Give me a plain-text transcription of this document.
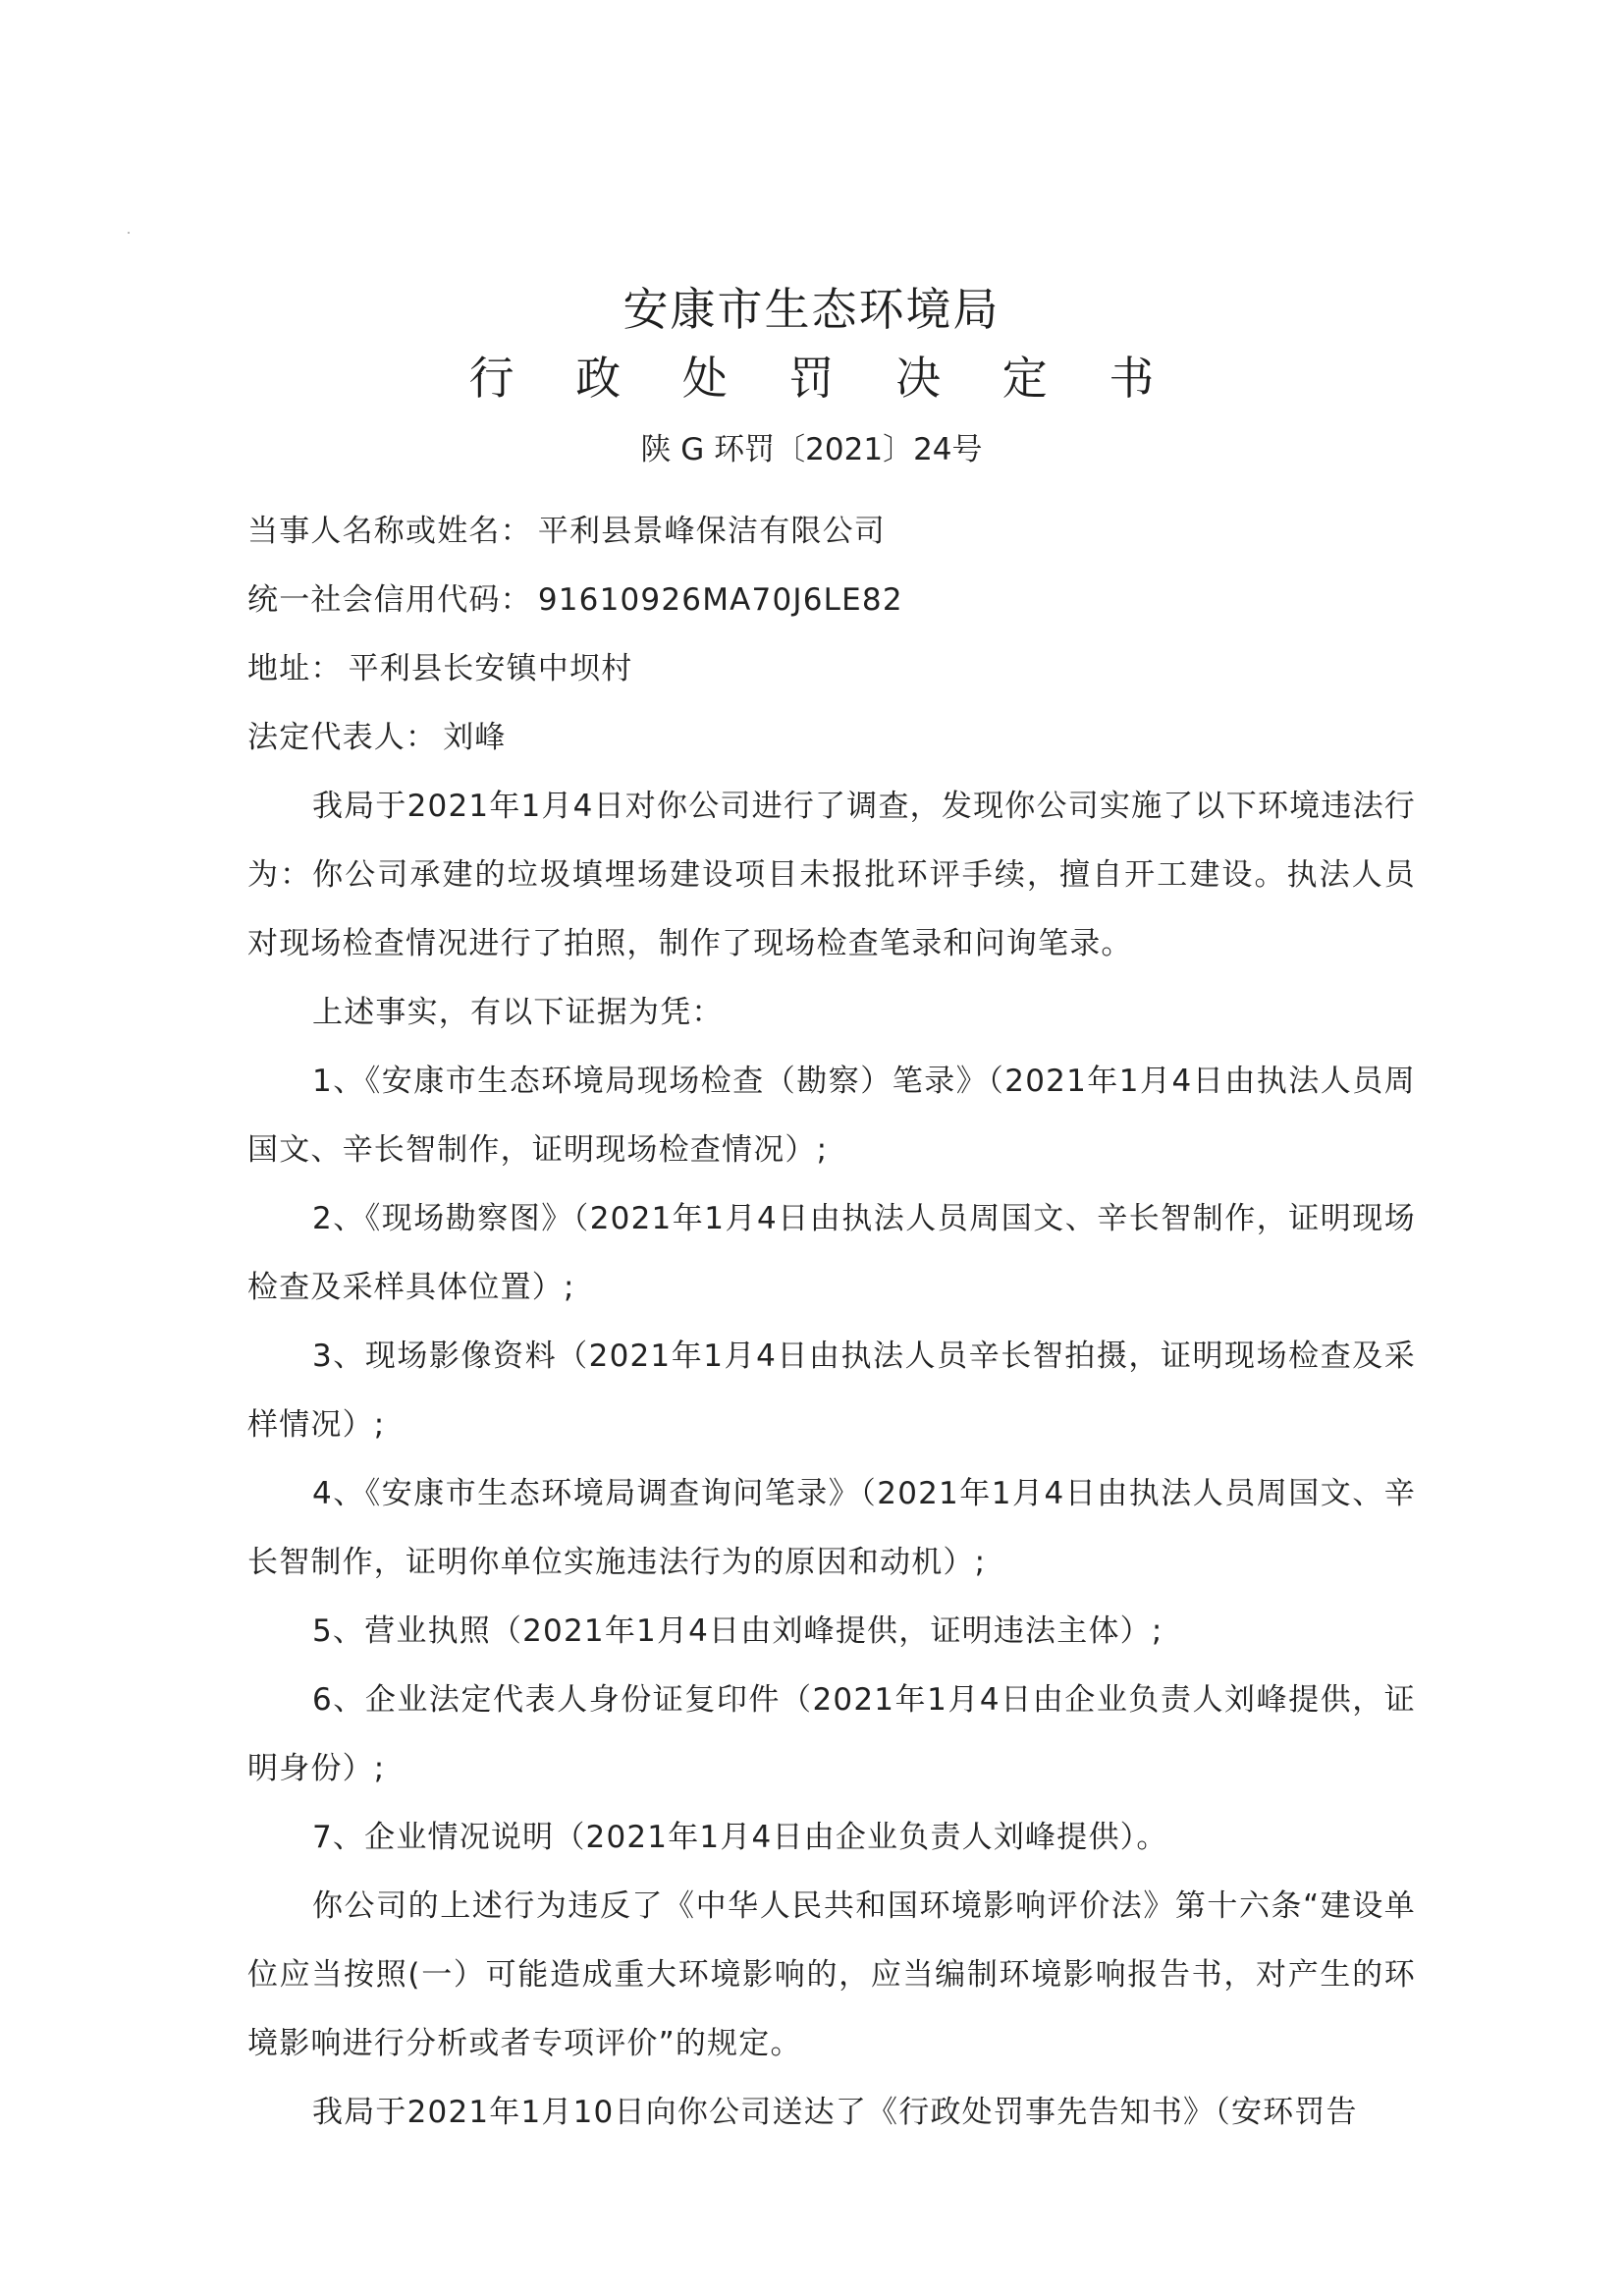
安康市生态环境局
行 政 处 罚 决 定 书
陕 G 环罚〔2021〕24号

当事人名称或姓名： 平利县景峰保洁有限公司

统一社会信用代码： 91610926MA70J6LE82

地址： 平利县长安镇中坝村

法定代表人： 刘峰

我局于2021年1月4日对你公司进行了调查，发现你公司实施了以下环境违法行为：你公司承建的垃圾填埋场建设项目未报批环评手续，擅自开工建设。执法人员对现场检查情况进行了拍照，制作了现场检查笔录和问询笔录。

上述事实，有以下证据为凭：

1、《安康市生态环境局现场检查（勘察）笔录》（2021年1月4日由执法人员周国文、辛长智制作，证明现场检查情况）;

2、《现场勘察图》（2021年1月4日由执法人员周国文、辛长智制作，证明现场检查及采样具体位置）;

3、现场影像资料（2021年1月4日由执法人员辛长智拍摄，证明现场检查及采样情况）;

4、《安康市生态环境局调查询问笔录》（2021年1月4日由执法人员周国文、辛长智制作，证明你单位实施违法行为的原因和动机）;

5、营业执照（2021年1月4日由刘峰提供，证明违法主体）;

6、企业法定代表人身份证复印件（2021年1月4日由企业负责人刘峰提供，证明身份）;

7、企业情况说明（2021年1月4日由企业负责人刘峰提供）。

你公司的上述行为违反了《中华人民共和国环境影响评价法》第十六条“建设单位应当按照(一）可能造成重大环境影响的，应当编制环境影响报告书，对产生的环境影响进行分析或者专项评价”的规定。

我局于2021年1月10日向你公司送达了《行政处罚事先告知书》（安环罚告
